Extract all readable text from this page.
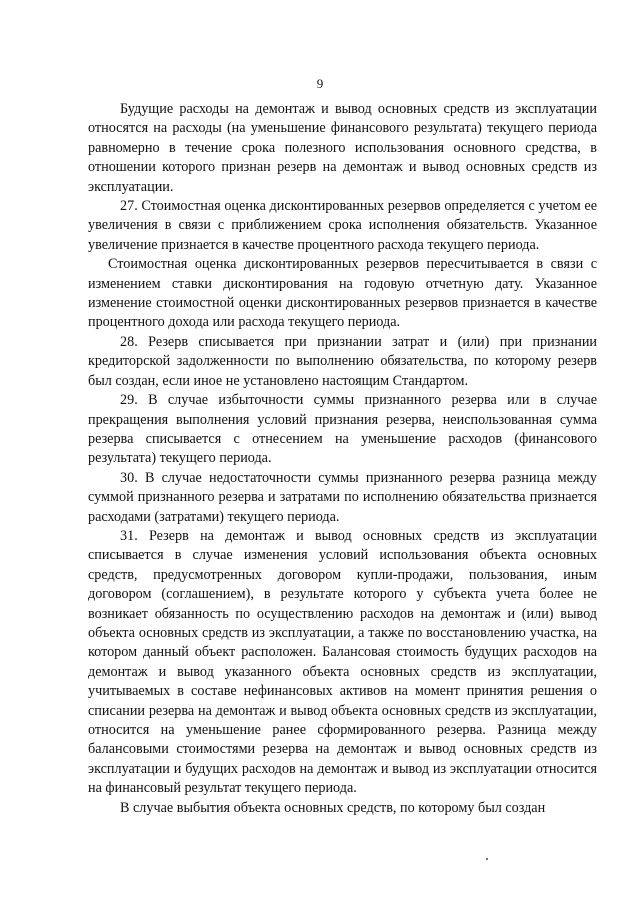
9

Будущие расходы на демонтаж и вывод основных средств из эксплуатации относятся на расходы (на уменьшение финансового результата) текущего периода равномерно в течение срока полезного использования основного средства, в отношении которого признан резерв на демонтаж и вывод основных средств из эксплуатации.

27. Стоимостная оценка дисконтированных резервов определяется с учетом ее увеличения в связи с приближением срока исполнения обязательств. Указанное увеличение признается в качестве процентного расхода текущего периода.

Стоимостная оценка дисконтированных резервов пересчитывается в связи с изменением ставки дисконтирования на годовую отчетную дату. Указанное изменение стоимостной оценки дисконтированных резервов признается в качестве процентного дохода или расхода текущего периода.

28. Резерв списывается при признании затрат и (или) при признании кредиторской задолженности по выполнению обязательства, по которому резерв был создан, если иное не установлено настоящим Стандартом.

29. В случае избыточности суммы признанного резерва или в случае прекращения выполнения условий признания резерва, неиспользованная сумма резерва списывается с отнесением на уменьшение расходов (финансового результата) текущего периода.

30. В случае недостаточности суммы признанного резерва разница между суммой признанного резерва и затратами по исполнению обязательства признается расходами (затратами) текущего периода.

31. Резерв на демонтаж и вывод основных средств из эксплуатации списывается в случае изменения условий использования объекта основных средств, предусмотренных договором купли-продажи, пользования, иным договором (соглашением), в результате которого у субъекта учета более не возникает обязанность по осуществлению расходов на демонтаж и (или) вывод объекта основных средств из эксплуатации, а также по восстановлению участка, на котором данный объект расположен. Балансовая стоимость будущих расходов на демонтаж и вывод указанного объекта основных средств из эксплуатации, учитываемых в составе нефинансовых активов на момент принятия решения о списании резерва на демонтаж и вывод объекта основных средств из эксплуатации, относится на уменьшение ранее сформированного резерва. Разница между балансовыми стоимостями резерва на демонтаж и вывод основных средств из эксплуатации и будущих расходов на демонтаж и вывод из эксплуатации относится на финансовый результат текущего периода.

В случае выбытия объекта основных средств, по которому был создан
